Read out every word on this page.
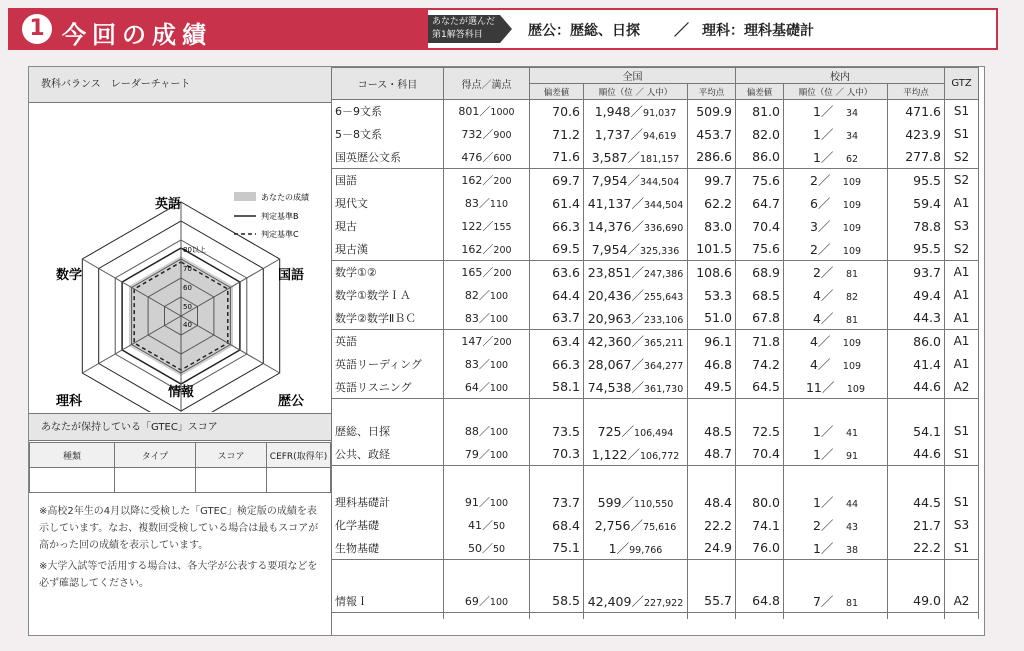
1 今回の成績	あなたが選んだ第1解答科目	歴公：歴総、日探 ／ 理科：理科基礎計
教科バランス　レーダーチャート
あなたの成績
判定基準B
判定基準C
英語
国語
歴公
情報
理科
数学
80以上
70
60
50
40
あなたが保持している「GTEC」スコア
種類	タイプ	スコア	CEFR(取得年)

※高校2年生の4月以降に受検した「GTEC」検定版の成績を表示しています。なお、複数回受検している場合は最もスコアが高かった回の成績を表示しています。
※大学入試等で活用する場合は、各大学が公表する要項などを必ず確認してください。
コース・科目	得点／満点	全国			校内			GTZ
		偏差値	順位（位 ／ 人中）	平均点	偏差値	順位（位 ／ 人中）	平均点	
6－9文系	801／1000	70.6	1,948／91,037	509.9	81.0	1／　34	471.6	S1
5－8文系	732／900	71.2	1,737／94,619	453.7	82.0	1／　34	423.9	S1
国英歴公文系	476／600	71.6	3,587／181,157	286.6	86.0	1／　62	277.8	S2
国語	162／200	69.7	7,954／344,504	99.7	75.6	2／　109	95.5	S2
現代文	83／110	61.4	41,137／344,504	62.2	64.7	6／　109	59.4	A1
現古	122／155	66.3	14,376／336,690	83.0	70.4	3／　109	78.8	S3
現古漢	162／200	69.5	7,954／325,336	101.5	75.6	2／　109	95.5	S2
数学①②	165／200	63.6	23,851／247,386	108.6	68.9	2／　81	93.7	A1
数学①数学ＩＡ	82／100	64.4	20,436／255,643	53.3	68.5	4／　82	49.4	A1
数学②数学ⅡＢＣ	83／100	63.7	20,963／233,106	51.0	67.8	4／　81	44.3	A1
英語	147／200	63.4	42,360／365,211	96.1	71.8	4／　109	86.0	A1
英語リーディング	83／100	66.3	28,067／364,277	46.8	74.2	4／　109	41.4	A1
英語リスニング	64／100	58.1	74,538／361,730	49.5	64.5	11／　109	44.6	A2

歴総、日探	88／100	73.5	725／106,494	48.5	72.5	1／　41	54.1	S1
公共、政経	79／100	70.3	1,122／106,772	48.7	70.4	1／　91	44.6	S1

理科基礎計	91／100	73.7	599／110,550	48.4	80.0	1／　44	44.5	S1
化学基礎	41／50	68.4	2,756／75,616	22.2	74.1	2／　43	21.7	S3
生物基礎	50／50	75.1	1／99,766	24.9	76.0	1／　38	22.2	S1

情報Ｉ	69／100	58.5	42,409／227,922	55.7	64.8	7／　81	49.0	A2
